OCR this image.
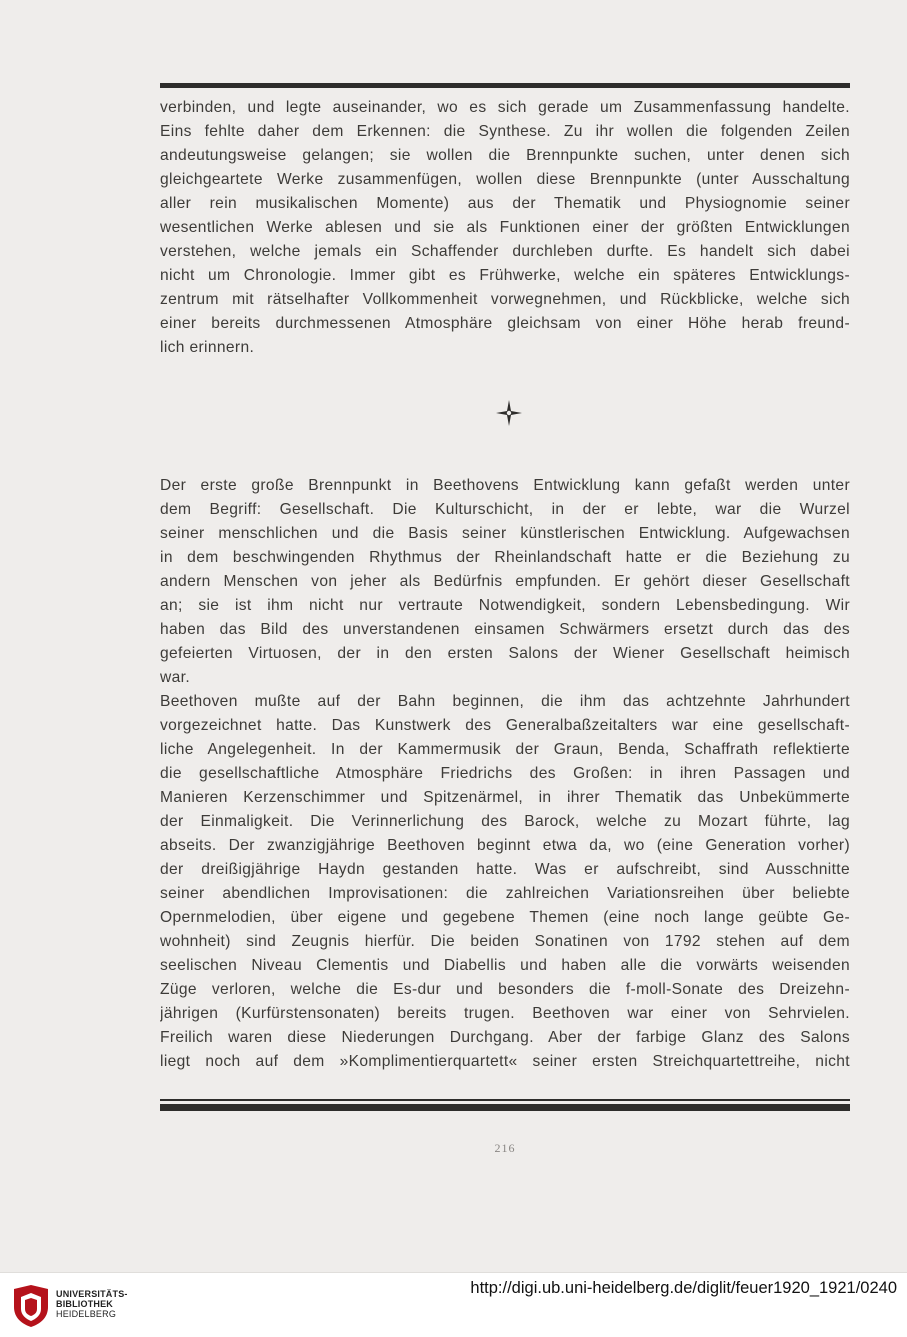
verbinden, und legte auseinander, wo es sich gerade um Zusammenfassung handelte.
Eins fehlte daher dem Erkennen: die Synthese. Zu ihr wollen die folgenden Zeilen
andeutungsweise gelangen; sie wollen die Brennpunkte suchen, unter denen sich
gleichgeartete Werke zusammenfügen, wollen diese Brennpunkte (unter Ausschaltung
aller rein musikalischen Momente) aus der Thematik und Physiognomie seiner
wesentlichen Werke ablesen und sie als Funktionen einer der größten Entwicklungen
verstehen, welche jemals ein Schaffender durchleben durfte. Es handelt sich dabei
nicht um Chronologie. Immer gibt es Frühwerke, welche ein späteres Entwicklungs-
zentrum mit rätselhafter Vollkommenheit vorwegnehmen, und Rückblicke, welche sich
einer bereits durchmessenen Atmosphäre gleichsam von einer Höhe herab freund-
lich erinnern.
Der erste große Brennpunkt in Beethovens Entwicklung kann gefaßt werden unter
dem Begriff: Gesellschaft. Die Kulturschicht, in der er lebte, war die Wurzel
seiner menschlichen und die Basis seiner künstlerischen Entwicklung. Aufgewachsen
in dem beschwingenden Rhythmus der Rheinlandschaft hatte er die Beziehung zu
andern Menschen von jeher als Bedürfnis empfunden. Er gehört dieser Gesellschaft
an; sie ist ihm nicht nur vertraute Notwendigkeit, sondern Lebensbedingung. Wir
haben das Bild des unverstandenen einsamen Schwärmers ersetzt durch das des
gefeierten Virtuosen, der in den ersten Salons der Wiener Gesellschaft heimisch
war.
Beethoven mußte auf der Bahn beginnen, die ihm das achtzehnte Jahrhundert
vorgezeichnet hatte. Das Kunstwerk des Generalbaßzeitalters war eine gesellschaft-
liche Angelegenheit. In der Kammermusik der Graun, Benda, Schaffrath reflektierte
die gesellschaftliche Atmosphäre Friedrichs des Großen: in ihren Passagen und
Manieren Kerzenschimmer und Spitzenärmel, in ihrer Thematik das Unbekümmerte
der Einmaligkeit. Die Verinnerlichung des Barock, welche zu Mozart führte, lag
abseits. Der zwanzigjährige Beethoven beginnt etwa da, wo (eine Generation vorher)
der dreißigjährige Haydn gestanden hatte. Was er aufschreibt, sind Ausschnitte
seiner abendlichen Improvisationen: die zahlreichen Variationsreihen über beliebte
Opernmelodien, über eigene und gegebene Themen (eine noch lange geübte Ge-
wohnheit) sind Zeugnis hierfür. Die beiden Sonatinen von 1792 stehen auf dem
seelischen Niveau Clementis und Diabellis und haben alle die vorwärts weisenden
Züge verloren, welche die Es-dur und besonders die f-moll-Sonate des Dreizehn-
jährigen (Kurfürstensonaten) bereits trugen. Beethoven war einer von Sehrvielen.
Freilich waren diese Niederungen Durchgang. Aber der farbige Glanz des Salons
liegt noch auf dem »Komplimentierquartett« seiner ersten Streichquartettreihe, nicht
216
UNIVERSITÄTS-
BIBLIOTHEK
HEIDELBERG
http://digi.ub.uni-heidelberg.de/diglit/feuer1920_1921/0240
